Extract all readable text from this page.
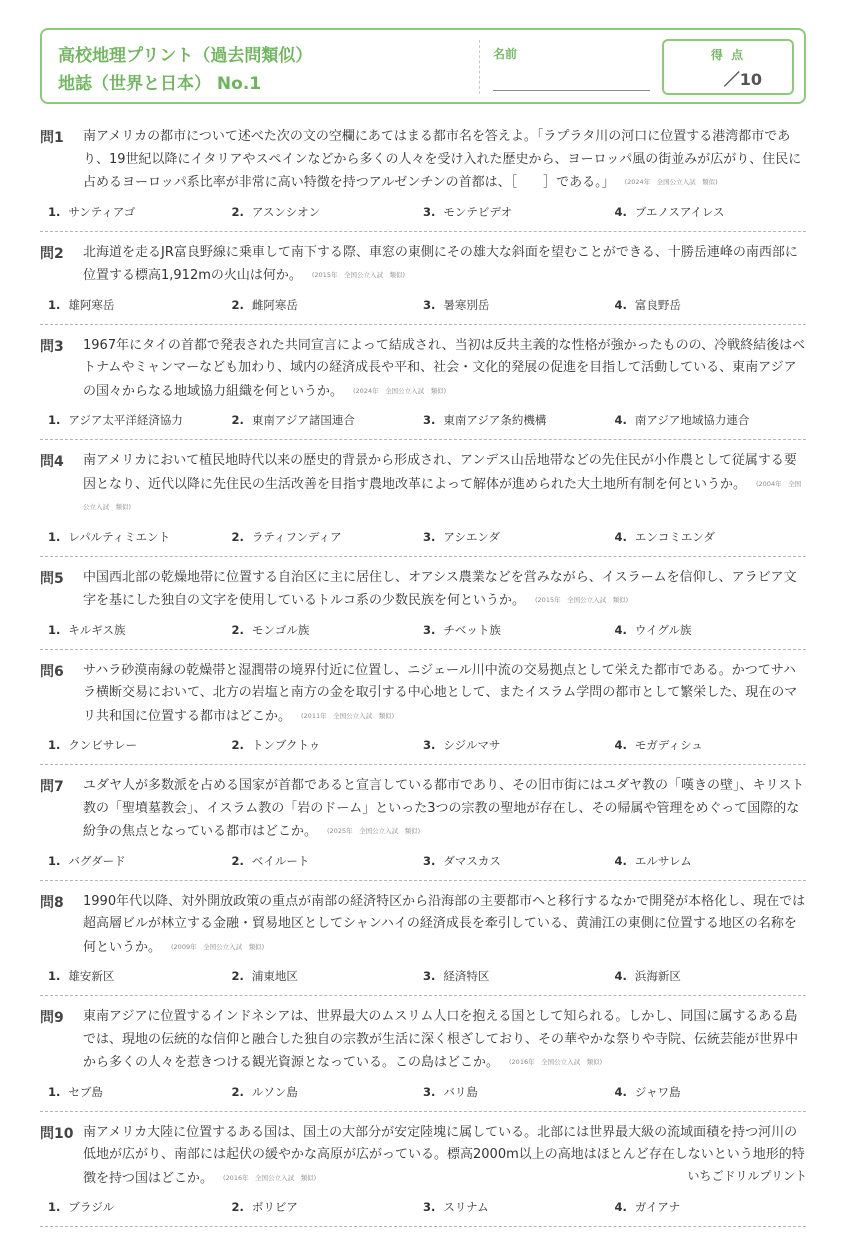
高校地理プリント（過去問類似）
地誌（世界と日本） No.1
名前	得 点
／10
問1 南アメリカの都市について述べた次の文の空欄にあてはまる都市名を答えよ。「ラプラタ川の河口に位置する港湾都市であり、19世紀以降にイタリアやスペインなどから多くの人々を受け入れた歴史から、ヨーロッパ風の街並みが広がり、住民に占めるヨーロッパ系比率が非常に高い特徴を持つアルゼンチンの首都は、［　　］である。」 (2024年　全国公立入試　類似)
1. サンティアゴ	2. アスンシオン	3. モンテビデオ	4. ブエノスアイレス
問2 北海道を走るJR富良野線に乗車して南下する際、車窓の東側にその雄大な斜面を望むことができる、十勝岳連峰の南西部に位置する標高1,912mの火山は何か。 (2015年　全国公立入試　類似)
1. 雄阿寒岳	2. 雌阿寒岳	3. 暑寒別岳	4. 富良野岳
問3 1967年にタイの首都で発表された共同宣言によって結成され、当初は反共主義的な性格が強かったものの、冷戦終結後はベトナムやミャンマーなども加わり、域内の経済成長や平和、社会・文化的発展の促進を目指して活動している、東南アジアの国々からなる地域協力組織を何というか。 (2024年　全国公立入試　類似)
1. アジア太平洋経済協力	2. 東南アジア諸国連合	3. 東南アジア条約機構	4. 南アジア地域協力連合
問4 南アメリカにおいて植民地時代以来の歴史的背景から形成され、アンデス山岳地帯などの先住民が小作農として従属する要因となり、近代以降に先住民の生活改善を目指す農地改革によって解体が進められた大土地所有制を何というか。 (2004年　全国公立入試　類似)
1. レパルティミエント	2. ラティフンディア	3. アシエンダ	4. エンコミエンダ
問5 中国西北部の乾燥地帯に位置する自治区に主に居住し、オアシス農業などを営みながら、イスラームを信仰し、アラビア文字を基にした独自の文字を使用しているトルコ系の少数民族を何というか。 (2015年　全国公立入試　類似)
1. キルギス族	2. モンゴル族	3. チベット族	4. ウイグル族
問6 サハラ砂漠南縁の乾燥帯と湿潤帯の境界付近に位置し、ニジェール川中流の交易拠点として栄えた都市である。かつてサハラ横断交易において、北方の岩塩と南方の金を取引する中心地として、またイスラム学問の都市として繁栄した、現在のマリ共和国に位置する都市はどこか。 (2011年　全国公立入試　類似)
1. クンビサレー	2. トンブクトゥ	3. シジルマサ	4. モガディシュ
問7 ユダヤ人が多数派を占める国家が首都であると宣言している都市であり、その旧市街にはユダヤ教の「嘆きの壁」、キリスト教の「聖墳墓教会」、イスラム教の「岩のドーム」といった3つの宗教の聖地が存在し、その帰属や管理をめぐって国際的な紛争の焦点となっている都市はどこか。 (2025年　全国公立入試　類似)
1. バグダード	2. ベイルート	3. ダマスカス	4. エルサレム
問8 1990年代以降、対外開放政策の重点が南部の経済特区から沿海部の主要都市へと移行するなかで開発が本格化し、現在では超高層ビルが林立する金融・貿易地区としてシャンハイの経済成長を牽引している、黄浦江の東側に位置する地区の名称を何というか。 (2009年　全国公立入試　類似)
1. 雄安新区	2. 浦東地区	3. 経済特区	4. 浜海新区
問9 東南アジアに位置するインドネシアは、世界最大のムスリム人口を抱える国として知られる。しかし、同国に属するある島では、現地の伝統的な信仰と融合した独自の宗教が生活に深く根ざしており、その華やかな祭りや寺院、伝統芸能が世界中から多くの人々を惹きつける観光資源となっている。この島はどこか。 (2016年　全国公立入試　類似)
1. セブ島	2. ルソン島	3. バリ島	4. ジャワ島
問10 南アメリカ大陸に位置するある国は、国土の大部分が安定陸塊に属している。北部には世界最大級の流域面積を持つ河川の低地が広がり、南部には起伏の緩やかな高原が広がっている。標高2000m以上の高地はほとんど存在しないという地形的特徴を持つ国はどこか。 (2016年　全国公立入試　類似)
1. ブラジル	2. ボリビア	3. スリナム	4. ガイアナ
いちごドリルプリント
